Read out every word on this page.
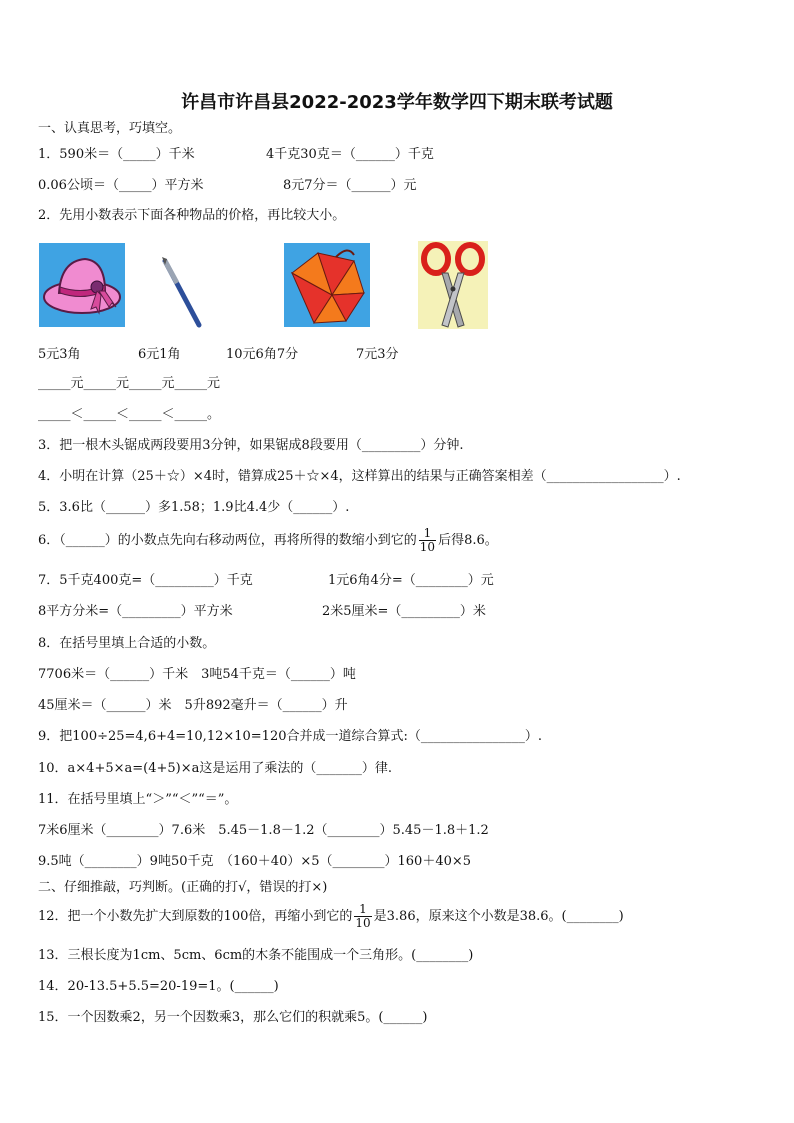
许昌市许昌县2022-2023学年数学四下期末联考试题
一、认真思考，巧填空。
1．590米＝（_____）千米	4千克30克＝（______）千克
0.06公顷＝（_____）平方米	8元7分＝（______）元
2．先用小数表示下面各种物品的价格，再比较大小。
5元3角	6元1角	10元6角7分	7元3分
_____元_____元_____元_____元
_____＜_____＜_____＜_____。
3．把一根木头锯成两段要用3分钟，如果锯成8段要用（_________）分钟.
4．小明在计算（25＋☆）×4时，错算成25＋☆×4，这样算出的结果与正确答案相差（__________________）.
5．3.6比（______）多1.58；1.9比4.4少（______）.
6．（______）的小数点先向右移动两位，再将所得的数缩小到它的 $\frac{1}{10}$ 后得8.6。
7．5千克400克=（_________）千克	1元6角4分=（________）元
8平方分米=（_________）平方米	2米5厘米=（_________）米
8．在括号里填上合适的小数。
7706米＝（______）千米　3吨54千克＝（______）吨
45厘米＝（______）米　5升892毫升＝（______）升
9．把100÷25=4,6+4=10,12×10=120合并成一道综合算式:（________________）.
10．a×4+5×a=(4+5)×a这是运用了乘法的（_______）律.
11．在括号里填上“＞”“＜”“＝”。
7米6厘米（________）7.6米　5.45－1.8－1.2（________）5.45－1.8＋1.2
9.5吨（________）9吨50千克　（160＋40）×5（________）160＋40×5
二、仔细推敲，巧判断。(正确的打√，错误的打×)
12．把一个小数先扩大到原数的100倍，再缩小到它的 $\frac{1}{10}$ 是3.86，原来这个小数是38.6。(________)
13．三根长度为1cm、5cm、6cm的木条不能围成一个三角形。(________)
14．20-13.5+5.5=20-19=1。(______)
15．一个因数乘2，另一个因数乘3，那么它们的积就乘5。(______)
